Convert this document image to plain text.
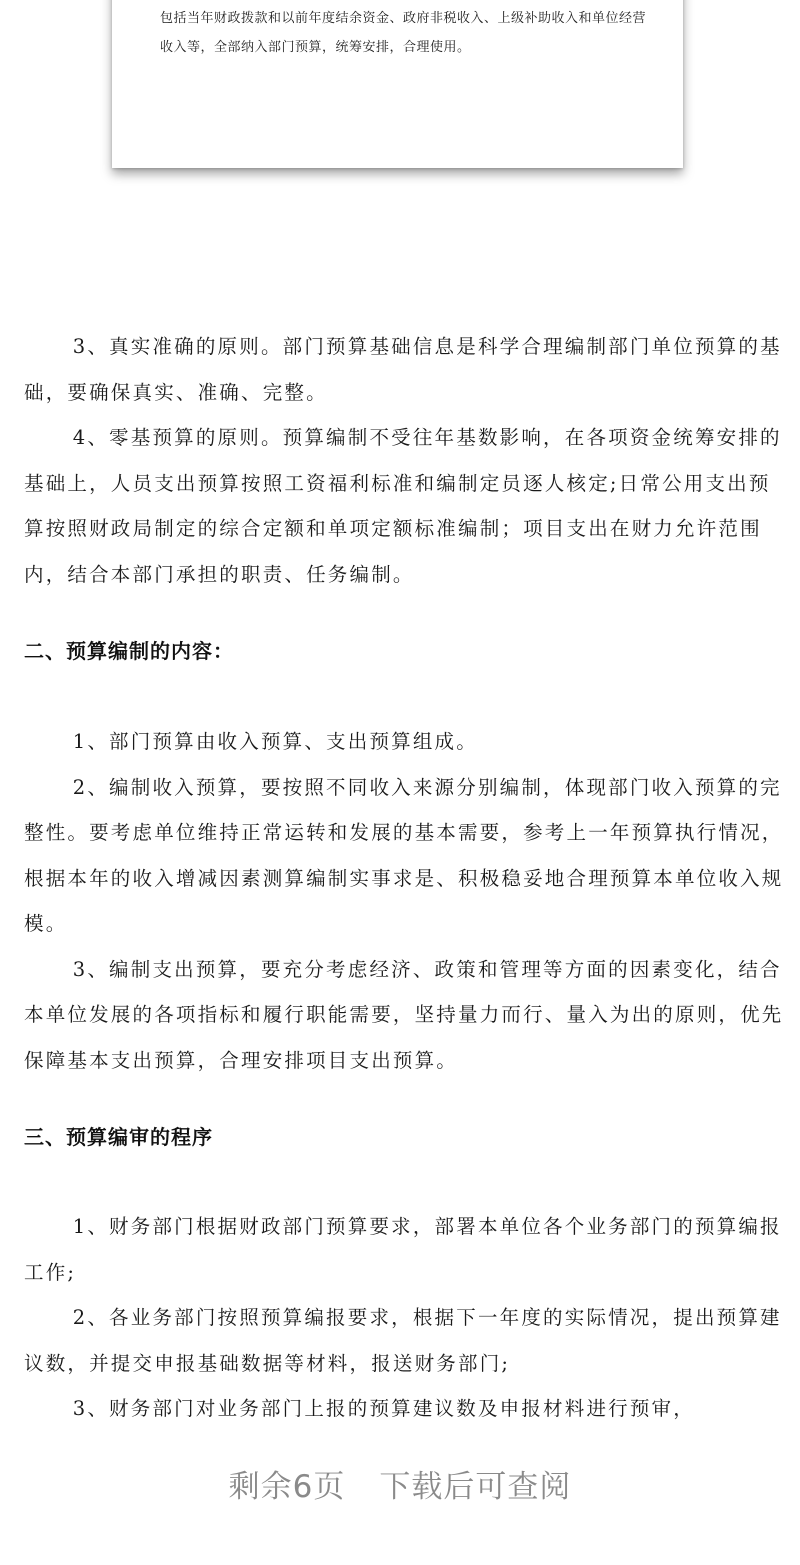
包括当年财政拨款和以前年度结余资金、政府非税收入、上级补助收入和单位经营收入等，全部纳入部门预算，统筹安排，合理使用。

3、真实准确的原则。部门预算基础信息是科学合理编制部门单位预算的基础，要确保真实、准确、完整。

4、零基预算的原则。预算编制不受往年基数影响，在各项资金统筹安排的基础上，人员支出预算按照工资福利标准和编制定员逐人核定;日常公用支出预算按照财政局制定的综合定额和单项定额标准编制；项目支出在财力允许范围内，结合本部门承担的职责、任务编制。

二、预算编制的内容：

1、部门预算由收入预算、支出预算组成。

2、编制收入预算，要按照不同收入来源分别编制，体现部门收入预算的完整性。要考虑单位维持正常运转和发展的基本需要，参考上一年预算执行情况，根据本年的收入增减因素测算编制实事求是、积极稳妥地合理预算本单位收入规模。

3、编制支出预算，要充分考虑经济、政策和管理等方面的因素变化，结合本单位发展的各项指标和履行职能需要，坚持量力而行、量入为出的原则，优先保障基本支出预算，合理安排项目支出预算。

三、预算编审的程序

1、财务部门根据财政部门预算要求，部署本单位各个业务部门的预算编报工作;

2、各业务部门按照预算编报要求，根据下一年度的实际情况，提出预算建议数，并提交申报基础数据等材料，报送财务部门;

3、财务部门对业务部门上报的预算建议数及申报材料进行预审，

剩余6页 下载后可查阅
